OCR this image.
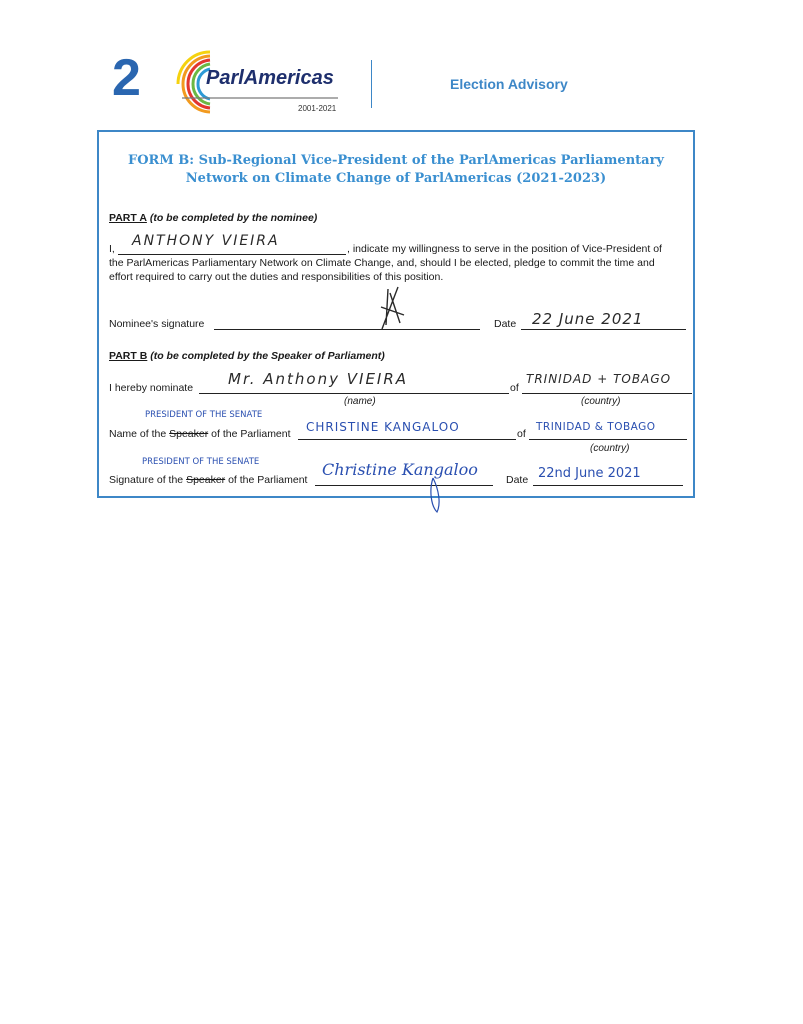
2	ParlAmericas
2001-2021
Election Advisory
FORM B: Sub-Regional Vice-President of the ParlAmericas Parliamentary
Network on Climate Change of ParlAmericas (2021-2023)
PART A (to be completed by the nominee)
I, ANTHONY VIEIRA	, indicate my willingness to serve in the position of Vice-President of
the ParlAmericas Parliamentary Network on Climate Change, and, should I be elected, pledge to commit the time and
effort required to carry out the duties and responsibilities of this position.
Nominee's signature	Date 22 June 2021
PART B (to be completed by the Speaker of Parliament)
I hereby nominate Mr. Anthony VIEIRA
(name)
of
TRINIDAD + TOBAGO
(country)
PRESIDENT OF THE SENATE
Name of the Speaker of the Parliament CHRISTINE KANGALOO	of
TRINIDAD & TOBAGO
(country)
PRESIDENT OF THE SENATE
Signature of the Speaker of the Parliament
Christine Kangaloo
Date 22nd June 2021
